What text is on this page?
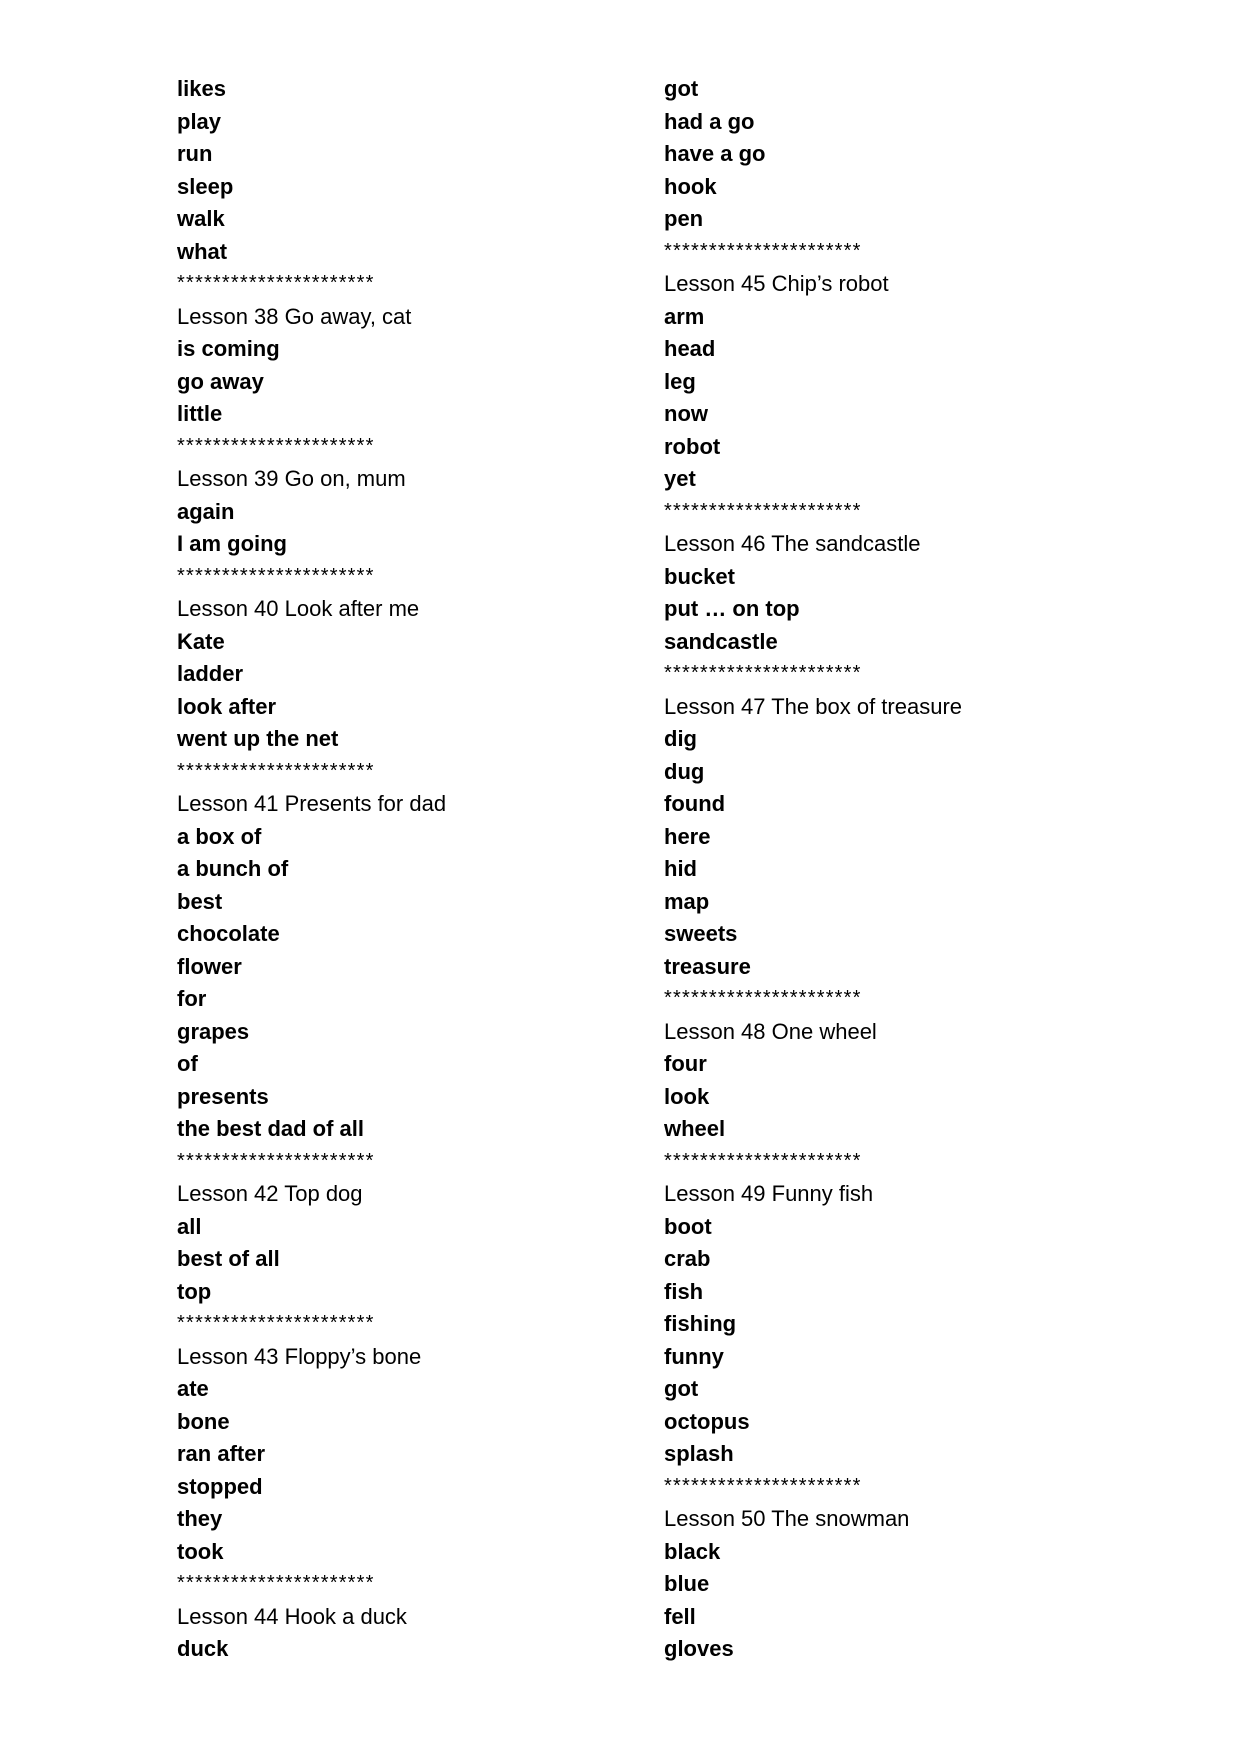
likes
play
run
sleep
walk
what
**********************
Lesson 38 Go away, cat
is coming
go away
little
**********************
Lesson 39 Go on, mum
again
I am going
**********************
Lesson 40 Look after me
Kate
ladder
look after
went up the net
**********************
Lesson 41 Presents for dad
a box of
a bunch of
best
chocolate
flower
for
grapes
of
presents
the best dad of all
**********************
Lesson 42 Top dog
all
best of all
top
**********************
Lesson 43 Floppy’s bone
ate
bone
ran after
stopped
they
took
**********************
Lesson 44 Hook a duck
duck
got
had a go
have a go
hook
pen
**********************
Lesson 45 Chip’s robot
arm
head
leg
now
robot
yet
**********************
Lesson 46 The sandcastle
bucket
put … on top
sandcastle
**********************
Lesson 47 The box of treasure
dig
dug
found
here
hid
map
sweets
treasure
**********************
Lesson 48 One wheel
four
look
wheel
**********************
Lesson 49 Funny fish
boot
crab
fish
fishing
funny
got
octopus
splash
**********************
Lesson 50 The snowman
black
blue
fell
gloves
